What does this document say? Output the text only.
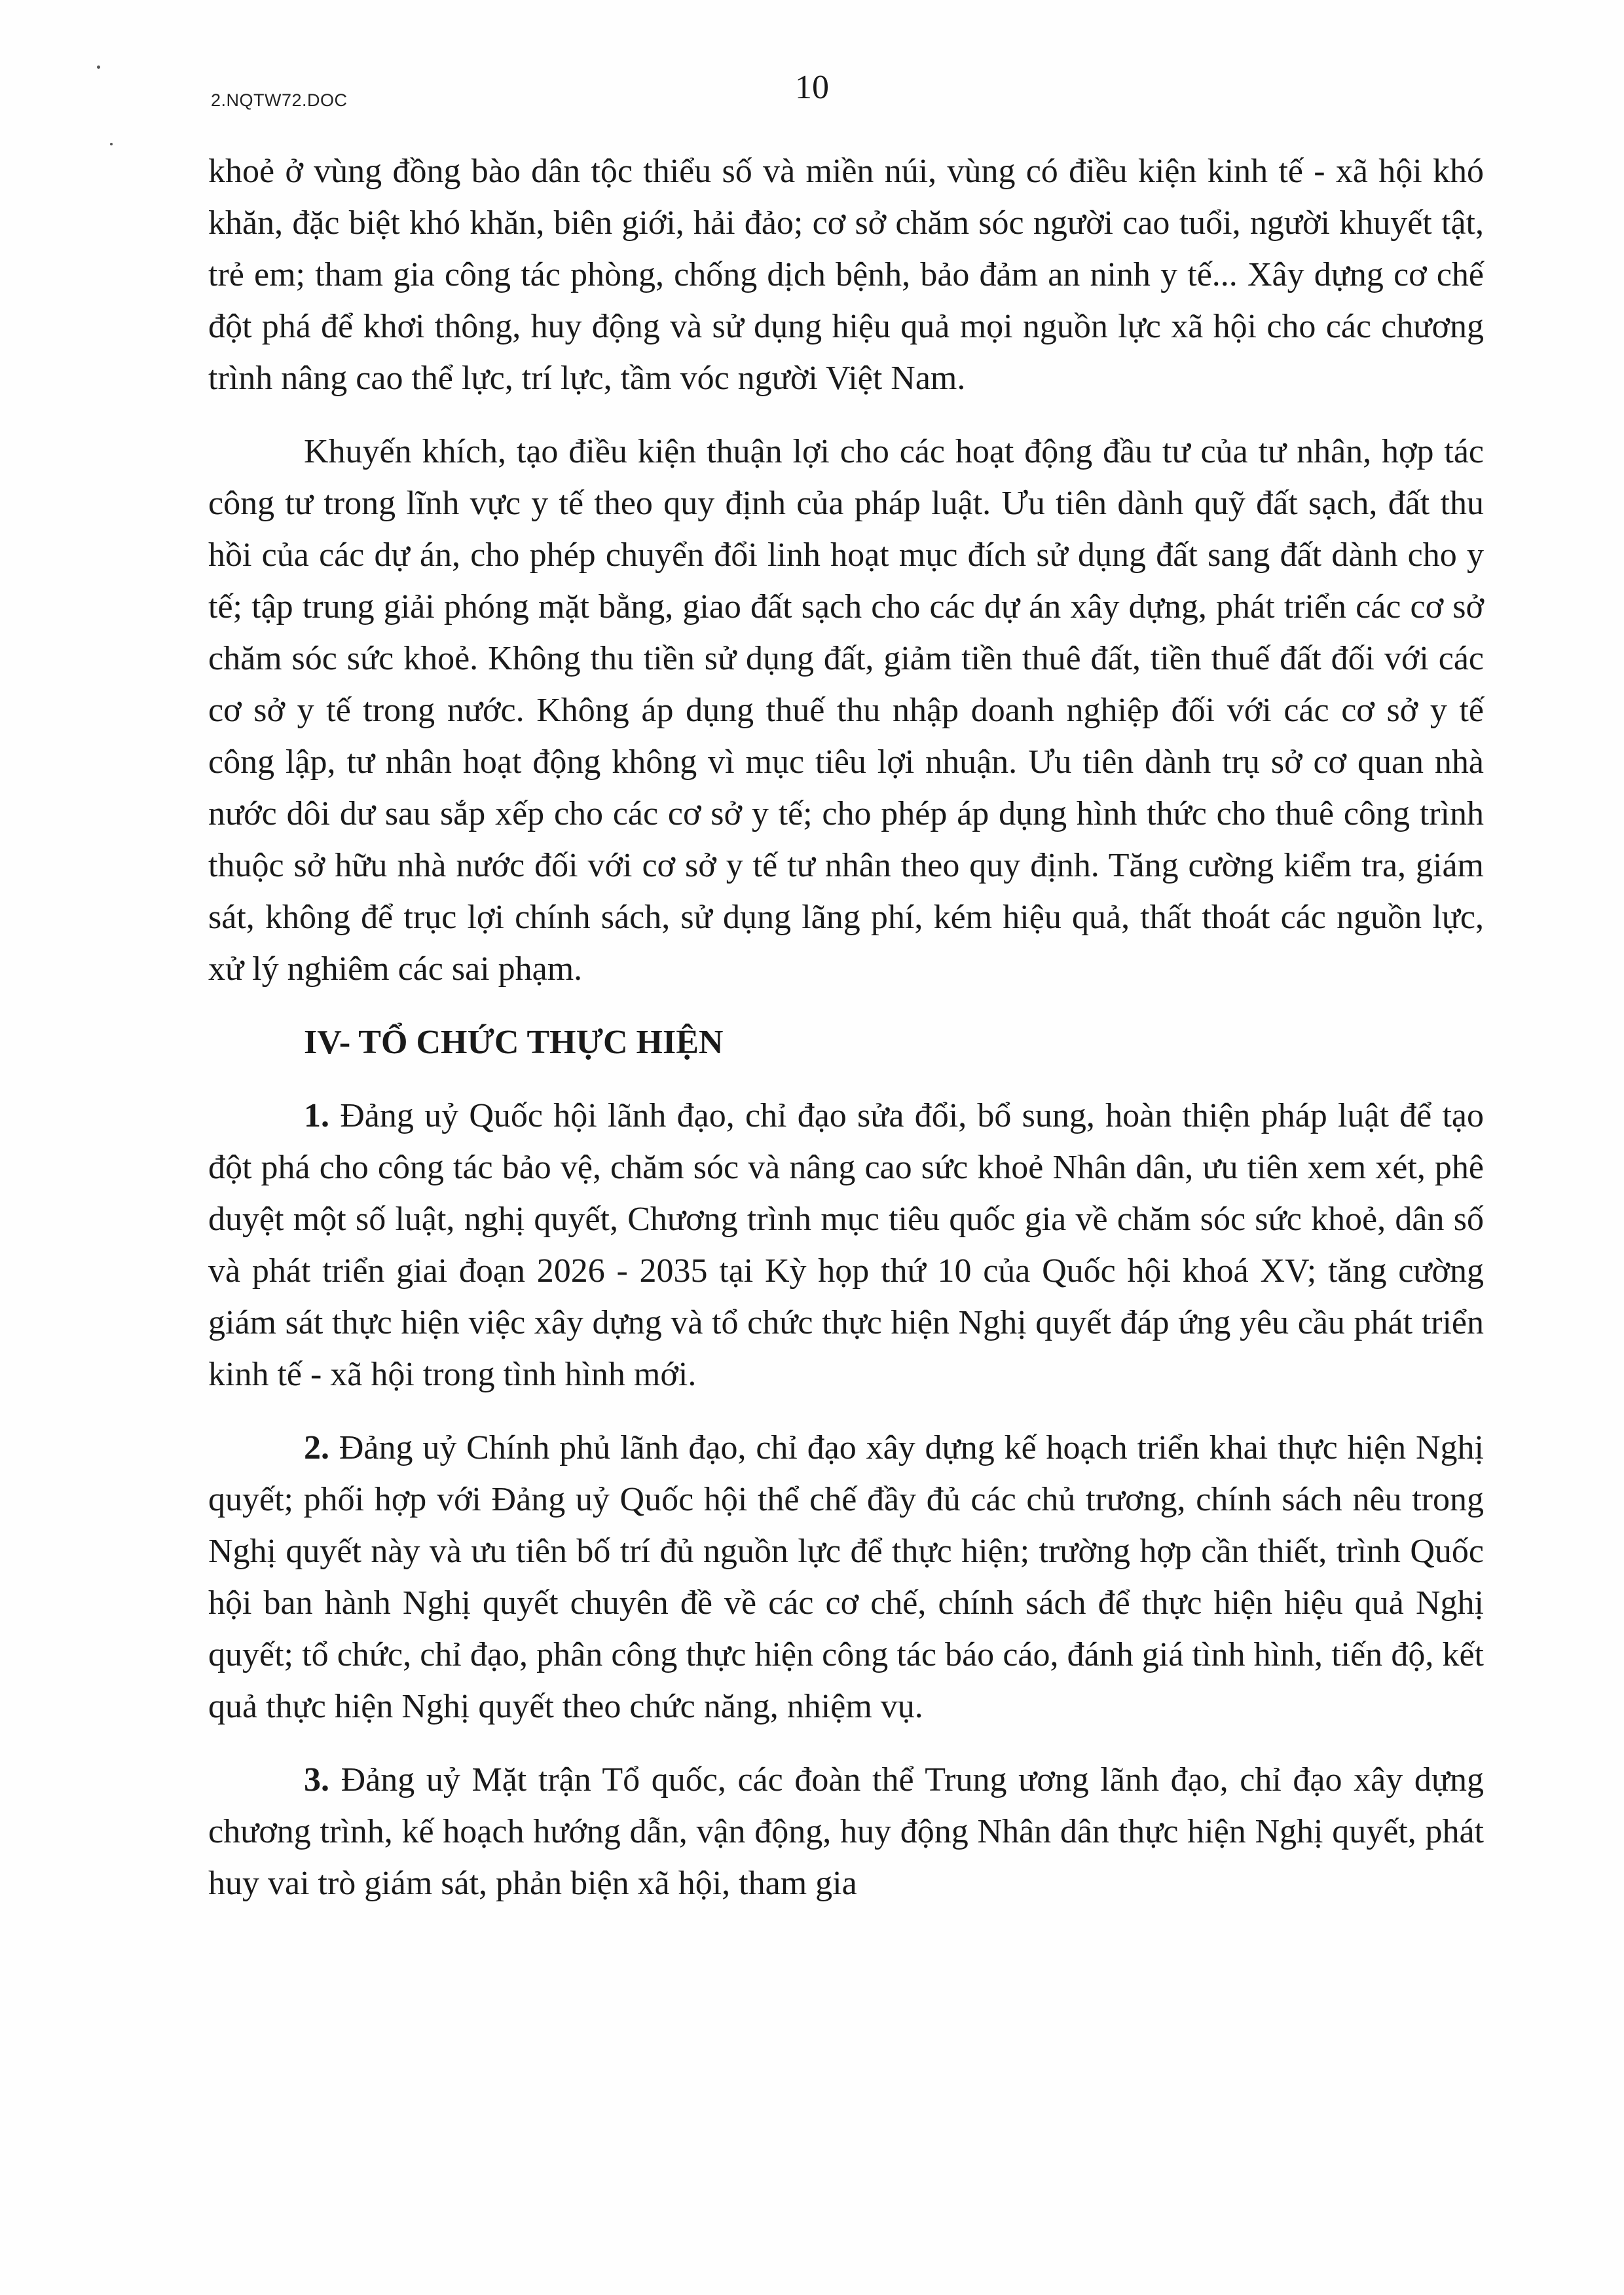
2.NQTW72.DOC	10

khoẻ ở vùng đồng bào dân tộc thiểu số và miền núi, vùng có điều kiện kinh tế - xã hội khó khăn, đặc biệt khó khăn, biên giới, hải đảo; cơ sở chăm sóc người cao tuổi, người khuyết tật, trẻ em; tham gia công tác phòng, chống dịch bệnh, bảo đảm an ninh y tế... Xây dựng cơ chế đột phá để khơi thông, huy động và sử dụng hiệu quả mọi nguồn lực xã hội cho các chương trình nâng cao thể lực, trí lực, tầm vóc người Việt Nam.

Khuyến khích, tạo điều kiện thuận lợi cho các hoạt động đầu tư của tư nhân, hợp tác công tư trong lĩnh vực y tế theo quy định của pháp luật. Ưu tiên dành quỹ đất sạch, đất thu hồi của các dự án, cho phép chuyển đổi linh hoạt mục đích sử dụng đất sang đất dành cho y tế; tập trung giải phóng mặt bằng, giao đất sạch cho các dự án xây dựng, phát triển các cơ sở chăm sóc sức khoẻ. Không thu tiền sử dụng đất, giảm tiền thuê đất, tiền thuế đất đối với các cơ sở y tế trong nước. Không áp dụng thuế thu nhập doanh nghiệp đối với các cơ sở y tế công lập, tư nhân hoạt động không vì mục tiêu lợi nhuận. Ưu tiên dành trụ sở cơ quan nhà nước dôi dư sau sắp xếp cho các cơ sở y tế; cho phép áp dụng hình thức cho thuê công trình thuộc sở hữu nhà nước đối với cơ sở y tế tư nhân theo quy định. Tăng cường kiểm tra, giám sát, không để trục lợi chính sách, sử dụng lãng phí, kém hiệu quả, thất thoát các nguồn lực, xử lý nghiêm các sai phạm.

IV- TỔ CHỨC THỰC HIỆN

1. Đảng uỷ Quốc hội lãnh đạo, chỉ đạo sửa đổi, bổ sung, hoàn thiện pháp luật để tạo đột phá cho công tác bảo vệ, chăm sóc và nâng cao sức khoẻ Nhân dân, ưu tiên xem xét, phê duyệt một số luật, nghị quyết, Chương trình mục tiêu quốc gia về chăm sóc sức khoẻ, dân số và phát triển giai đoạn 2026 - 2035 tại Kỳ họp thứ 10 của Quốc hội khoá XV; tăng cường giám sát thực hiện việc xây dựng và tổ chức thực hiện Nghị quyết đáp ứng yêu cầu phát triển kinh tế - xã hội trong tình hình mới.

2. Đảng uỷ Chính phủ lãnh đạo, chỉ đạo xây dựng kế hoạch triển khai thực hiện Nghị quyết; phối hợp với Đảng uỷ Quốc hội thể chế đầy đủ các chủ trương, chính sách nêu trong Nghị quyết này và ưu tiên bố trí đủ nguồn lực để thực hiện; trường hợp cần thiết, trình Quốc hội ban hành Nghị quyết chuyên đề về các cơ chế, chính sách để thực hiện hiệu quả Nghị quyết; tổ chức, chỉ đạo, phân công thực hiện công tác báo cáo, đánh giá tình hình, tiến độ, kết quả thực hiện Nghị quyết theo chức năng, nhiệm vụ.

3. Đảng uỷ Mặt trận Tổ quốc, các đoàn thể Trung ương lãnh đạo, chỉ đạo xây dựng chương trình, kế hoạch hướng dẫn, vận động, huy động Nhân dân thực hiện Nghị quyết, phát huy vai trò giám sát, phản biện xã hội, tham gia
